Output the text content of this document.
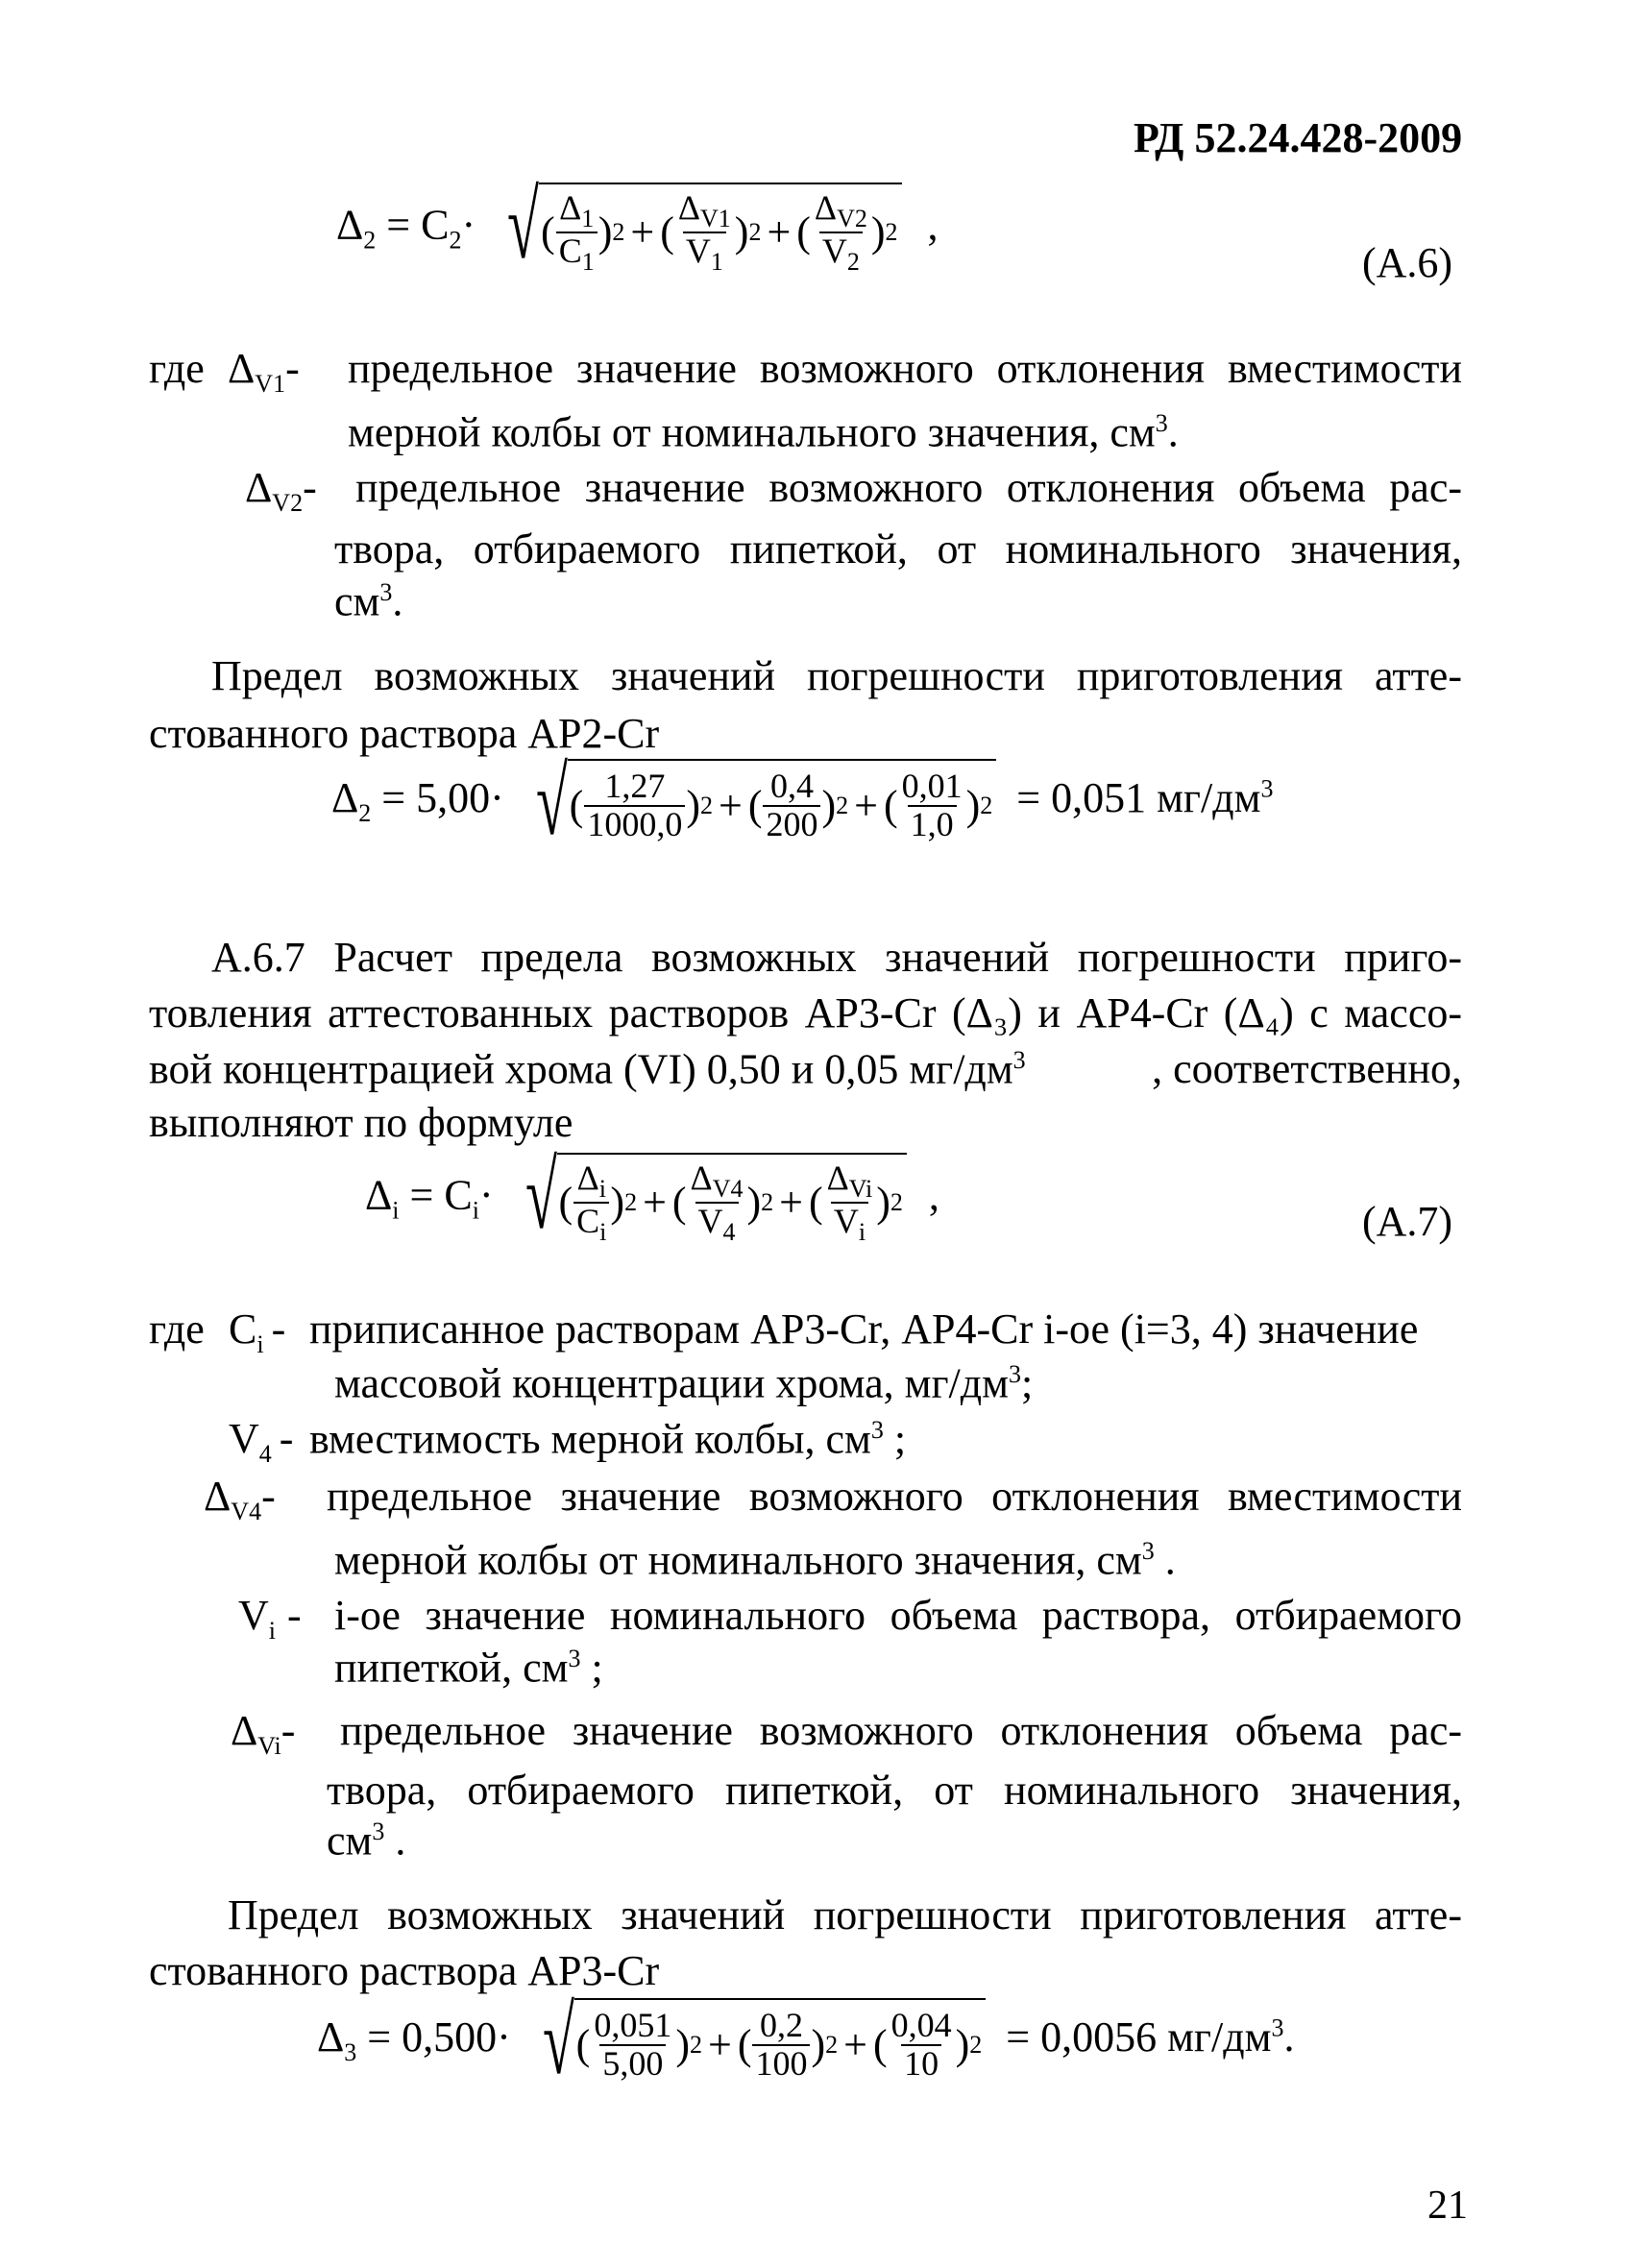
РД 52.24.428-2009
$\Delta_2 = C_2\cdot$ √ ( $\frac{\Delta_1}{C_1}$ ) 2 + ( $\frac{\Delta_{V1}}{V_1}$ ) 2 + ( $\frac{\Delta_{V2}}{V_2}$ ) 2 ,
(А.6)
где $\Delta_{V1}-$ предельное значение возможного отклонения вместимости
мерной колбы от номинального значения, $см^3$.
$\Delta_{V2}-$ предельное значение возможного отклонения объема рас-
твора, отбираемого пипеткой, от номинального значения,
$см^3$.
Предел возможных значений погрешности приготовления атте-
стованного раствора АР2-Cr
$\Delta_2 = 5,00\cdot$ √ ( $\frac{1,27}{1000,0}$ ) 2 + ( $\frac{0,4}{200}$ ) 2 + ( $\frac{0,01}{1,0}$ ) 2 = 0,051 $мг/дм^3$
А.6.7 Расчет предела возможных значений погрешности приго-
товления аттестованных растворов АР3-Cr (Δ₃) и АР4-Cr (Δ₄) с массо-
вой концентрацией хрома (VI) 0,50 и 0,05 $мг/дм^3$	, соответственно,
выполняют по формуле
$\Delta_i = C_i\cdot$ √ ( $\frac{\Delta_i}{C_i}$ ) 2 + ( $\frac{\Delta_{V4}}{V_4}$ ) 2 + ( $\frac{\Delta_{Vi}}{V_i}$ ) 2 ,
(А.7)
где $C_i$ - приписанное растворам АР3-Cr, АР4-Cr i-ое (i=3, 4) значение
массовой концентрации хрома, $мг/дм^3$;
$V_4$ - вместимость мерной колбы, $см^3$ ;
$\Delta_{V4}-$ предельное значение возможного отклонения вместимости
мерной колбы от номинального значения, $см^3$ .
$V_i - i-ое$ значение номинального объема раствора, отбираемого
пипеткой, $см^3$ ;
$\Delta_{Vi}-$ предельное значение возможного отклонения объема рас-
твора, отбираемого пипеткой, от номинального значения,
$см^3$ .
Предел возможных значений погрешности приготовления атте-
стованного раствора АР3-Cr
$\Delta_3 = 0,500\cdot$ √ ( $\frac{0,051}{5,00}$ ) 2 + ( $\frac{0,2}{100}$ ) 2 + ( $\frac{0,04}{10}$ ) 2 = 0,0056 $мг/дм^3$.
21
